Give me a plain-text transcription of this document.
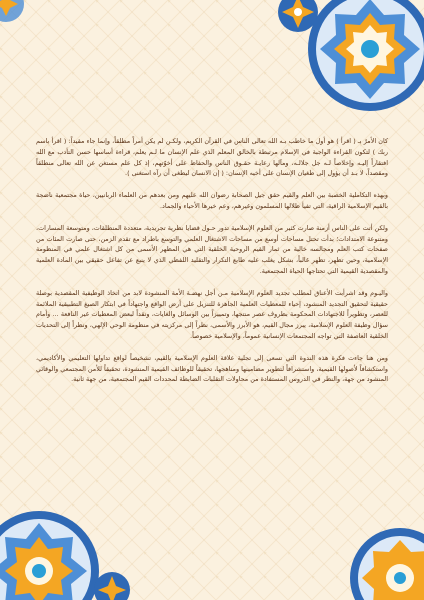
كان الأمرُ بـ ( اقرأ ) هو أول ما خاطب بـه الله تعالى الناس في القرآن الكريم، ولكـن لم يكن أمراً مطلقاً، وإنما جاء مقيداً: ( اقرأ باسم ربك ) لتكون القراءة الواجبة في الإسلام مرتبطة بالخالق المعلم الذي علم الإنسان ما لـم يعلم، قراءة أساسها حسن التأدب مع الله افتقاراً إليـه وإخلاصاً لـه جل جلالـه، ومآلها رعايـة حقـوق الناس والحفاظ على أخوّتهم، إذ كل علم مستغن عن الله تعالى منطلقاً ومقصداً، لا بـد أن يؤول إلى طغيان الإنسان على أخيه الإنسان: ( إن الانسان ليطغى أن رآه استغنى ).

وبهذه التكاملية الخصبة بين العلم والقيم حقق جيل الصحابة رضوان الله عليهم ومن بعدهم من العلماء الربانيين، حياة مجتمعية ناضجة بالقيم الإسلامية الراقية، التي تفيأ ظلالها المسلمون وغيرهم، وعم خيرها الأحياء والجماد.

ولكن أتت على الناس أزمنة صارت كثير من العلوم الإسلامية تدور حـول قضايا نظرية تجريدية، متعددة المنطلقات، ومتوسعة المسارات، ومتنوعة الامتدادات؛ بدأت تحتل مساحات أوسع من مساحات الاشتغال العلمي والتوسع باطراد مع تقدم الزمن، حتى صارت المئات من صفحات كتب العلم ومجالسه خالية من ثمار القيم الروحية الخلقية التي هي المظهر الأسمى من كل اشتغال علمي في المنظومة الإسلامية، وحين تظهر، تظهر غالباً، بشكل يغلب عليه طابع التكرار والتقليد اللفظي الذي لا ينبع عن تفاعل حقيقي بين المادة العلمية والمقصدية القيمية التي تحتاجها الحياة المجتمعية.

واليـوم وقد اشرأبت الأعناق لمطلب تجديد العلوم الإسلامية مـن أجل نهضـة الأمة المنشودة لابد من اتخاذ الوظيفية المقصدية بوصلة حقيقية لتحقيق التجديد المنشود، إحياء للمعطيات العلمية الجاهزة للتنزيل على أرض الواقع واجتهاداً في ابتكار الصيغ التطبيقية الملائمة للعصر، وتطويراً للاجتهادات المحكومة بظروف عصر منتجها، وتمييزاً بين الوسائل والغايات، ونقداً لبعض المعطيات غير النافعة ... وأمام سؤال وظيفة العلوم الإسلامية، يبرز مجال القيم، هو الأبرز والأسمى، نظراً إلى مركزيته في منظومة الوحي الإلهي، ونظراً إلى التحديات الخلقية العاصفة التي تواجه المجتمعات الإنسانية عموماً، والإسلامية خصوصاً.

ومن هنا جاءت فكرة هذه الندوة التي تسعى إلى تجلية علاقة العلوم الإسلامية بالقيم، تشخيصاً لواقع تداولها التعليمي والأكاديمي، واستكشافاً لأصولها القيمية، واستشرافاً لتطوير مضامينها ومناهجها، تحقيقاً للوظائف القيمية المنشودة، تحقيقاً للأمن المجتمعي والوقائي المنشود من جهة، والنظر في الدروس المستفادة من محاولات التقلبات الضابطة لمحددات القيم المجتمعية، من جهة ثانية.
